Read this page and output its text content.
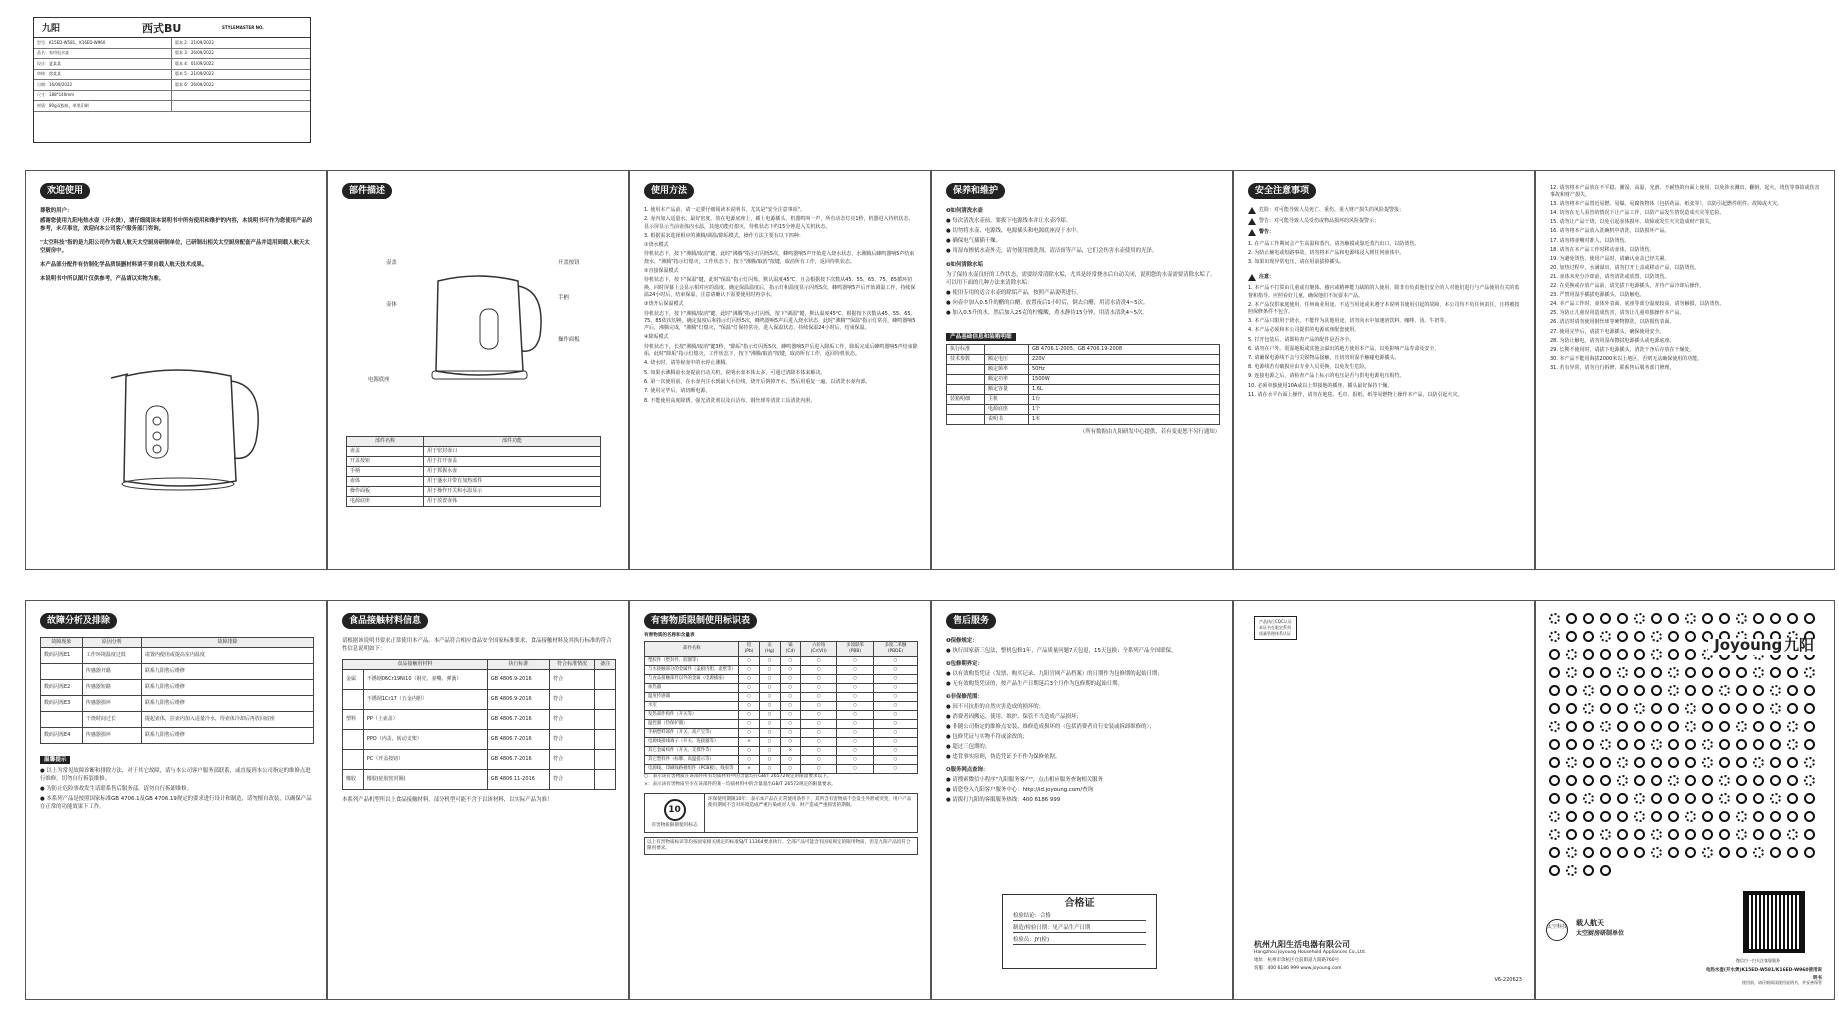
九阳	西式BU	STYLEMASTER NO.
型号：K15ED-W581、K16ED-W960	版本 2：21/09/2022
品名：家用电水壶	版本 3：26/09/2022
设计：夏某某	版本 4：01/09/2022
审核：徐某某	版本 5：21/09/2022
日期：16/09/2022	版本 6：26/09/2022
尺寸：188*140mm
材质：80g双胶纸，单黑印刷
欢迎使用

尊敬的用户：

感谢您使用九阳电热水壶（开水煲），请仔细阅读本说明书中所有使用和维护的内容，本说明书可作为您使用产品的参考，未尽事宜，欢迎向本公司客户服务部门咨询。

"太空科技"指的是九阳公司作为载人航天太空厨房研制单位，已研制出相关太空厨房配套产品并适用到载人航天太空厨房中。

本产品部分配件有仿制化学品质误删材料请不要自载人航天技术成果。

本说明书中所以图片仅供参考，产品请以实物为准。

部件描述
壶盖	开盖按钮
壶体
手柄
操作面板
电源底座
部件名称	部件功能
壶盖	用于密封壶口
开盖按钮	用于打开壶盖
手柄	用于抓握水壶
壶体	用于盛水并带有加热部件
操作面板	用于操作开关和水温显示
电源底座	用于放置壶体
使用方法

1. 使用本产品前，请一定要仔细阅读本说明书，尤其是"安全注意事项"。

2. 壶内加入适量水，最好密度，放在电源底座上，插上电源插头，机器鸣叫一声，所有动态灯亮1秒，机器进入待机状态，显示屏显示当前壶体内水温，其他功能灯熄灭，待机状态下约15分钟进入关机状态。

3. 根据需求选择相应的沸腾/调温/除垢模式，操作方法主要有以下四种：

①烧水模式

待机状态下，按下"沸腾/取消"键，此时"沸腾"指示灯闪烁5次，蜂鸣器响5声开始进入烧水状态，水沸腾后蜂鸣器响5声结束烧水，"沸腾"指示灯熄灭，工作状态下，按下"沸腾/取消"按键，取消所有工作，返回待机状态。

②直接保温模式

待机状态下，按下"保温"键，此时"保温"指示灯闪烁，默认温度45℃，且会根据按下次数从45、55、65、75、85循环切换，同时屏幕上会显示相对应的温度。确定保温温度后，指示灯和温度显示闪烁5次，蜂鸣器响5声后开始调温工作，持续保温24小时后，结束保温，注意请确认下需要使用时再享水。

③烧开后保温模式

待机状态下，按下"沸腾/取消"键，此时"沸腾"指示灯闪烁，按下"调温"键，默认温度45℃，根据按下次数从45、55、65、75、85依次切换，确定温度后和指示灯闪烁5次，蜂鸣器响5声后进入烧水状态，此时"沸腾""保温"指示灯常亮，蜂鸣器响5声后，沸腾完成，"沸腾"灯熄灭，"保温"灯保持常亮，进入保温状态，持续保温24小时后，结束保温。

④除垢模式

待机状态下，长按"沸腾/取消"键3秒，"除垢"指示灯闪烁5次，蜂鸣器响5声后进入除垢工作，除垢完成后蜂鸣器响5声结束除垢，此时"除垢"指示灯熄灭，工作状态下，按下"沸腾/取消"按键，取消所有工作，返回待机状态。

4. 烧水时，请等候壶中的水停止沸腾。

5. 如果水沸腾前水壶提前自动关机，说明水壶本体太多，可通过清除本体来解决。

6. 第一次使用前，在水壶内注水到最大水位线，烧开后倒掉开水，然后用重复一遍，以清洗水壶内部。

7. 使用完毕后，请切断电源。

8. 不能使用高度除锈、强光清洗剂以及百洁布、钢丝球等清洗工具清洗内胆。

保养和维护

❶如何清洗水壶

● 每次清洗水壶前，要拔下电源线本并让水壶冷却。

● 切勿将水壶、电源线、电源插头和电源底座浸于水中。

● 确保电气插插干燥。

● 用湿布擦拭水壶外壳，请勿使用擦洗剂、清洁膏等产品，它们会伤害水壶使用的光泽。

❷如何清除水垢

为了保持水壶良好的工作状态，需要经常清除水垢，尤其是经常烧水后自动关闭，说明您的水壶需要清除水垢了。可以用下面的几种方法来清除水垢：

● 使用专用的适合水壶的除垢产品，按照产品说明进行。

● 向壶中加入0.5升的醋的白醋，放置夜后1小时后，倒去白醋，用清水清洗4~5次。

● 加入0.5升的水，然后加入25克的柠檬酸，煮水静待15分钟，用清水清洗4~5次。

产品基础信息和装箱明细
执行标准		GB 4706.1-2005、GB 4706.19-2008
技术参数	额定电压	220V
	额定频率	50Hz
	额定功率	1500W
	额定容量	1.6L
装箱明细	主机	1台
	电源底座	1个
	说明书	1本

（所有数据由九阳研发中心提供，若有变更恕不另行通知）

安全注意事项
危险：对可能导致人员死亡、重伤、重大财产损失的风险提警报；
警告：对可能导致人员受伤或物品损坏的风险提警示；
警告：

1. 在产品工作期间会产生高温和蒸汽，请勿触摸或靠近蒸汽出口，以防烫伤。

2. 为防止触电或短路事故，切勿将本产品和电源线浸入到任何液体中。

3. 如果出现异常电压，请在用前拔掉插头。

注意：

1. 本产品不打算由儿童或有躯体、感官或精神能力缺陷的人使用，除非有负责他们安全的人对他们进行与产品使用有关的监督和指导。应照看好儿童，确保他们不玩耍本产品。

2. 本产品仅供家庭使用，任何商业用途，不适当用途或未遵守本说明书使用引起的故障，本公司均不负任何责任，且将被按照保修条件不包含。

3. 本产品只限用于烧水，不能作为其他用途，切勿向水中加速溶饮料、咖啡、汤、牛奶等。

4. 本产品必须和本公司提供的电源底座配套使用。

5. 打开包装后，请即检查产品的配件是否齐全。

6. 请勿在户外、震湿地板或其他会溢出的地方使用本产品，以免影响产品寿命及安全。

7. 请确保电源线不会与尖锐物品接触，且切勿用湿手触碰电源插头。

8. 电源线若有破损应由专业人员更换，以免发生危险。

9. 连接电源之后，请检查产品上标示的电压是否与供电电源电压相符。

10. 必须单独使用10A或以上带接地的插座，插头最好保持干燥。

11. 请在水平台面上操作，请勿在地毯、毛巾、报纸、纸等易燃物上操作本产品，以防引起火灾。

12. 请勿将本产品放在不平稳、潮湿、高温、光滑、不耐热的台面上使用，以免涉水溅出、翻倒、起火、烫伤等事故或伤害事故和财产损失。

13. 请勿将本产品置近易燃、易爆、易腐蚀物体（包括药品、纸张等），以防引起燃件组件、故障或火灾。

14. 切勿在无人看管的情况下让产品工作，以防产品发生情况造成火灾等危险。

15. 请勿让产品干烧，以免引起壶体损坏、故障或发生火灾造成财产损失。

16. 请勿将本产品放入洗碗机中清洗，以防损坏产品。

17. 请勿将壶嘴对准人，以防烫伤。

18. 请勿在本产品工作时移动壶体，以防烫伤。

19. 为避免烫伤，使用产品时，请确认壶盖已经关紧。

20. 加热过程中，水满溢出，请勿打开上盖或移动产品，以防烫伤。

21. 壶体未充分冷却前，请勿清洗或放置，以防烫伤。

22. 在更换或存放产品前，请先拔下电源插头，并待产品冷却后操作。

23. 严禁用湿手插拔电源插头，以防触电。

24. 本产品工作时，壶体外表面、底座等部分温度较高，请勿触摸，以防烫伤。

25. 为防止儿童误用造成伤害，请勿让儿童单独操作本产品。

26. 清洁时请勿使用钢丝球等硬物擦洗，以防损伤表面。

27. 使用完毕后，请拔下电源插头，确保使用安全。

28. 为防止触电，请勿用湿布擦拭电源插头或电源底座。

29. 长期不使用时，请拔下电源插头，清洗干净后存放在干燥处。

30. 本产品不能用海拔2000米以上地区，否则无法确保使用的功能。

31. 若有异常，请勿自行拆修，联系售后服务部门修理。

故障分析及排除
故障现象	原因分析	故障排除
数码闪烁E1	工作环境温度过低	请置内使用或提高室内温度
	传感器开路	联系九阳售后维修
数码闪烁E2	传感器短路	联系九阳售后维修
数码闪烁E3	传感器损坏	联系九阳售后维修
	干烧时间过长	提起壶体，拉壶内加入适量冷水，待壶体冷却后再放回底座
数码闪烁E4	传感器损坏	联系九阳售后维修
温馨提示

● 以上为常见故障诊断和排除方法，对于其它故障，请与本公司客户服务部联系，或直接到本公司指定的维修点进行维修，切勿自行拆装维修。

● 为防止危险事故发生请联系售后服务部，请勿自行拆卸维修。

● 本系列产品是按照国家标准GB 4706.1及GB 4706.19规定的要求进行设计和制造，请勿擅自改装，以确保产品在正常的功能效果下工作。

食品接触材料信息

请根据该说明书要求正常使用本产品。本产品符合相应食品安全国家标准要求，食品接触材料及其执行标准的符合性信息说明如下：

食品接触用材料		执行标准	符合标准情况	备注
金属	不锈钢06Cr19Ni10（钢壳、壶嘴、弹簧）	GB 4806.9-2016	符合	
	不锈钢1Cr17（五金内胆）	GB 4806.9-2016	符合	
塑料	PP（上壶盖）	GB 4806.7-2016	符合	
	PPO（内盖、转动支架）	GB 4806.7-2016	符合	
	PC（开盖按钮）	GB 4806.7-2016	符合	
橡胶	橡胶(硅胶密封圈)	GB 4806.11-2016	符合	

本系列产品机型所以上食品接触材料，部分机型可能不含于以该材料，以实际产品为准！

有害物质限制使用标识表

有害物质的名称和含量表

部件名称	铅(Pb)	汞(Hg)	镉(Cd)	六价铬(Cr(VI))	多溴联苯(PBB)	多溴二苯醚(PBDE)
塑胶件（塑封件、胶圈等）	○	○	○	○	○	○
与水接触部分的金属件（盖板内胆、壶壁等）	○	○	○	○	○	○
与食品接触部件以外的金属（电源插座）	○	○	○	○	○	○
加热器	○	○	○	○	○	○
温度传感器	○	○	○	○	○	○
水室	○	○	○	○	○	○
发热部件构件（开关等）	○	○	○	○	○	○
温控器（热保护器）	○	○	○	○	○	○
手柄塑料部件（开关、高产宝等）	○	○	○	○	○	○
电源线接线端子（开关、连接器等）	×	○	○	○	○	○
其它金属构件（开关、支撑件等）	○	○	×	○	○	○
其它塑料件（标牌、高温提示等）	○	○	○	○	○	○
电源线、印刷线路板组件（PCB板）、线束等	×	○	○	○	○	○

○：表示该有害物质在该部件所有均质材料中的含量均在GB/T 26572规定的限量要求以下。

×：表示该有害物质至少在该部件的某一均质材料中的含量超出GB/T 26572规定的限量要求。

10
有害物质限制使用标志
环保使用期限10年：表示本产品在正常使用条件下，其所含有害物质不会发生外泄或突变，用户产品使用期间不会对环境造成严重污染或对人身、财产造成严重损害的期限。

以上有害物质标识等均按国家相关规定的标准SJ/T 11364要求执行。全部产品可能含有国家规定的限用物质，但是九阳产品均符合限用要求。

售后服务

❶保修规定：

● 执行国家新三包法，整机包修1年，产品质量问题7天包退，15天包换；全系列产品全国联保。

❷包修期界定：

● 以有效购货凭证（发票、购买记录、九阳官网产品档案）的日期作为包修期的起始日期；

● 无有效购货凭证的，按产品生产日期延后3个月作为包修期的起始日期。

❸非保修范围：

● 因不可抗拒的自然灾害造成的损坏的；

● 消费者因搬运、使用、维护、保管不当造成产品损坏；

● 非随公司指定的维修点安装、维修造成损坏的（包括消费者自行安装或拆卸维修的）；

● 包修凭证与实物不符或涂改的；

● 超过三包期的；

● 违背事实原则，伪造凭证予不作为保修依据。

❹服务网点查询：

● 请搜索微信小程序"九阳服务客户"，点击相应服务查询相关服务

● 请您登入九阳客户服务中心：http://id.joyoung.com/查询

● 请拨打九阳的客服服务热线：400 6186 999

合格证

检验结论：合格

制造/检验日期：见产品生产日期

检验员：JY(检)

产品执行CQC认证

本证书在限定系列

质量管理体系认证

杭州九阳生活电器有限公司
Hangzhou Joyoung Household Appliances Co.,Ltd.
地址：杭州市余杭区仓前街道九阳路760号
客服：400 6186 999 www.joyoung.com
V6-220623
Joyoung 九阳
太空科技 载人航天
太空厨房研制单位
微信扫一扫关注客服服务
电热水壶(开水煲)K15ED-W581/K16ED-W960使用说明书
使用前，请仔细阅读使用说明书，并妥善保管
